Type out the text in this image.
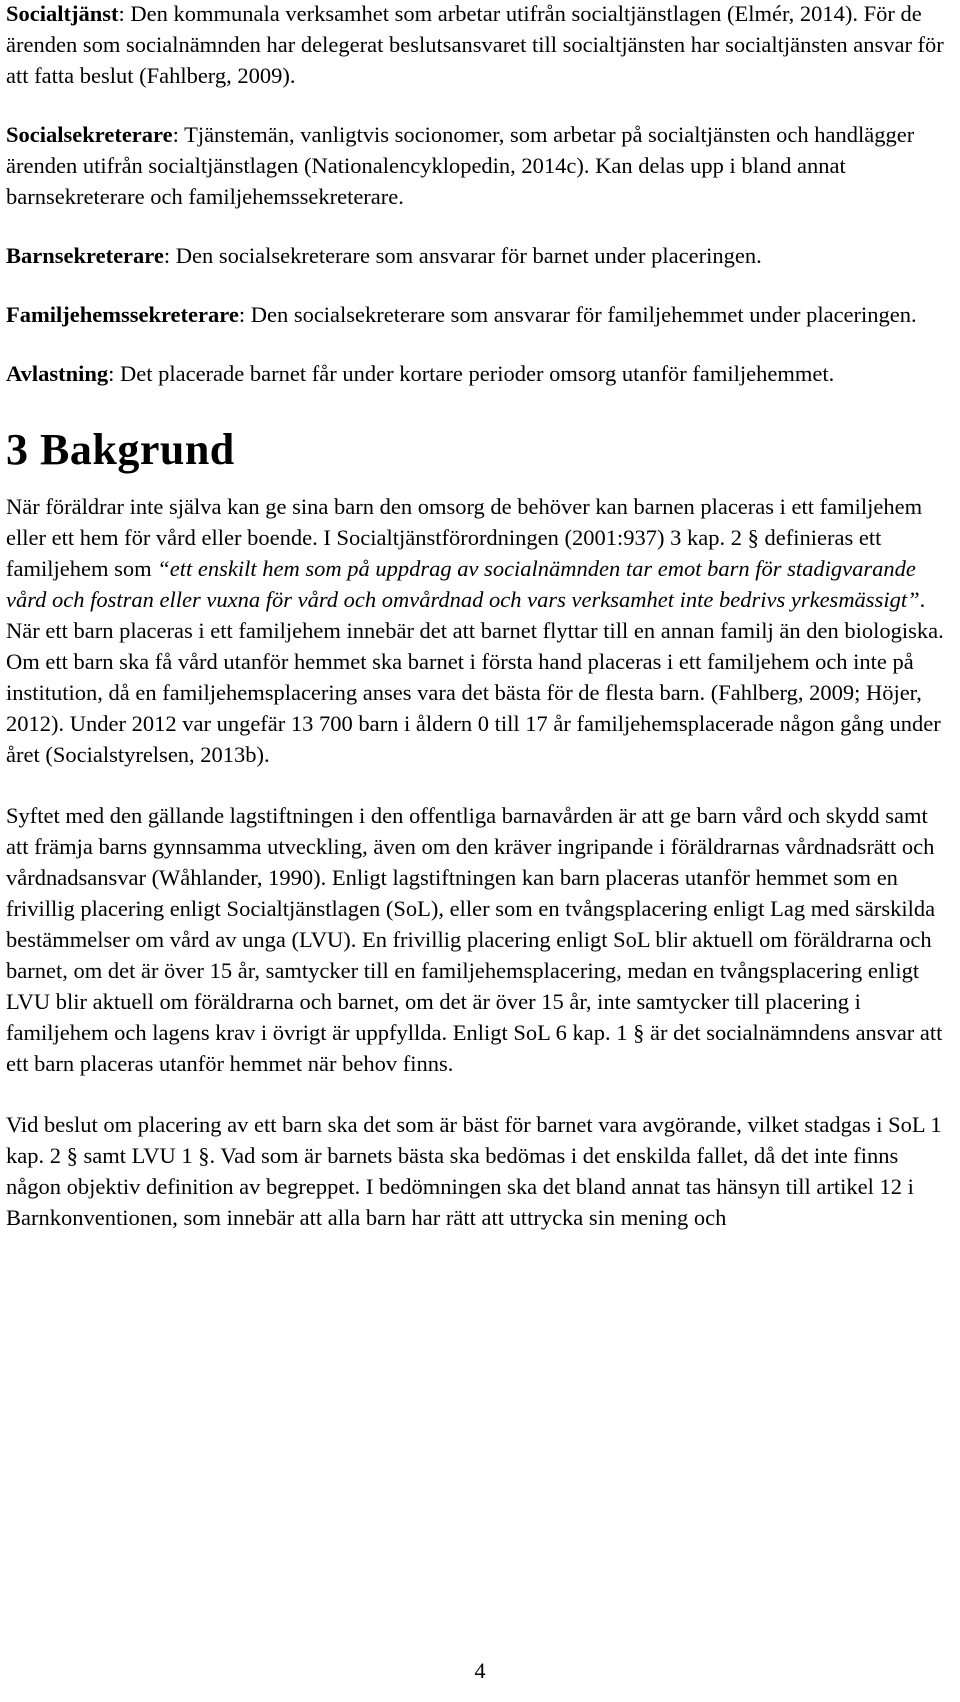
Socialtjänst: Den kommunala verksamhet som arbetar utifrån socialtjänstlagen (Elmér, 2014). För de ärenden som socialnämnden har delegerat beslutsansvaret till socialtjänsten har socialtjänsten ansvar för att fatta beslut (Fahlberg, 2009).

Socialsekreterare: Tjänstemän, vanligtvis socionomer, som arbetar på socialtjänsten och handlägger ärenden utifrån socialtjänstlagen (Nationalencyklopedin, 2014c). Kan delas upp i bland annat barnsekreterare och familjehemssekreterare.

Barnsekreterare: Den socialsekreterare som ansvarar för barnet under placeringen.

Familjehemssekreterare: Den socialsekreterare som ansvarar för familjehemmet under placeringen.

Avlastning: Det placerade barnet får under kortare perioder omsorg utanför familjehemmet.

3 Bakgrund

När föräldrar inte själva kan ge sina barn den omsorg de behöver kan barnen placeras i ett familjehem eller ett hem för vård eller boende. I Socialtjänstförordningen (2001:937) 3 kap. 2 § definieras ett familjehem som “ett enskilt hem som på uppdrag av socialnämnden tar emot barn för stadigvarande vård och fostran eller vuxna för vård och omvårdnad och vars verksamhet inte bedrivs yrkesmässigt”. När ett barn placeras i ett familjehem innebär det att barnet flyttar till en annan familj än den biologiska. Om ett barn ska få vård utanför hemmet ska barnet i första hand placeras i ett familjehem och inte på institution, då en familjehemsplacering anses vara det bästa för de flesta barn. (Fahlberg, 2009; Höjer, 2012). Under 2012 var ungefär 13 700 barn i åldern 0 till 17 år familjehemsplacerade någon gång under året (Socialstyrelsen, 2013b).

Syftet med den gällande lagstiftningen i den offentliga barnavården är att ge barn vård och skydd samt att främja barns gynnsamma utveckling, även om den kräver ingripande i föräldrarnas vårdnadsrätt och vårdnadsansvar (Wåhlander, 1990). Enligt lagstiftningen kan barn placeras utanför hemmet som en frivillig placering enligt Socialtjänstlagen (SoL), eller som en tvångsplacering enligt Lag med särskilda bestämmelser om vård av unga (LVU). En frivillig placering enligt SoL blir aktuell om föräldrarna och barnet, om det är över 15 år, samtycker till en familjehemsplacering, medan en tvångsplacering enligt LVU blir aktuell om föräldrarna och barnet, om det är över 15 år, inte samtycker till placering i familjehem och lagens krav i övrigt är uppfyllda. Enligt SoL 6 kap. 1 § är det socialnämndens ansvar att ett barn placeras utanför hemmet när behov finns.

Vid beslut om placering av ett barn ska det som är bäst för barnet vara avgörande, vilket stadgas i SoL 1 kap. 2 § samt LVU 1 §. Vad som är barnets bästa ska bedömas i det enskilda fallet, då det inte finns någon objektiv definition av begreppet. I bedömningen ska det bland annat tas hänsyn till artikel 12 i Barnkonventionen, som innebär att alla barn har rätt att uttrycka sin mening och

4
